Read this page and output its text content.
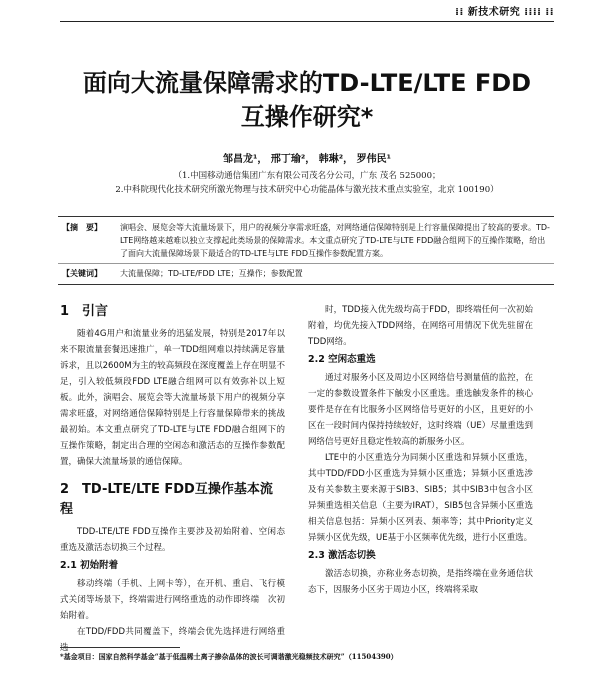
⁞⁞ 新技术研究 ⁞⁞⁞⁞ ⁞⁞
面向大流量保障需求的TD-LTE/LTE FDD
互操作研究*
邹昌龙¹， 邢丁瑜²， 韩琳²， 罗伟民¹
（1.中国移动通信集团广东有限公司茂名分公司，广东 茂名 525000；
2.中科院现代化技术研究所激光物理与技术研究中心功能晶体与激光技术重点实验室，北京 100190）
【摘　要】	演唱会、展览会等大流量场景下，用户的视频分享需求旺盛，对网络通信保障特别是上行容量保障提出了较高的要求。TD-LTE网络越来越难以独立支撑起此类场景的保障需求。本文重点研究了TD-LTE与LTE FDD融合组网下的互操作策略，给出了面向大流量保障场景下最适合的TD-LTE与LTE FDD互操作参数配置方案。
【关键词】	大流量保障；TD-LTE/FDD LTE；互操作；参数配置
1　引言

随着4G用户和流量业务的迅猛发展，特别是2017年以来不限流量套餐迅速推广，单一TDD组网难以持续满足容量诉求，且以2600M为主的较高频段在深度覆盖上存在明显不足，引入较低频段FDD LTE融合组网可以有效弥补以上短板。此外，演唱会、展览会等大流量场景下用户的视频分享需求旺盛，对网络通信保障特别是上行容量保障带来的挑战最初始。本文重点研究了TD-LTE与LTE FDD融合组网下的互操作策略，制定出合理的空闲态和激活态的互操作参数配置，确保大流量场景的通信保障。

2　TD-LTE/LTE FDD互操作基本流程

TDD-LTE/LTE FDD互操作主要涉及初始附着、空闲态重选及激活态切换三个过程。

2.1 初始附着

移动终端（手机、上网卡等），在开机、重启、飞行模式关闭等场景下，终端需进行网络重选的动作即终端　次初始附着。

在TDD/FDD共同覆盖下，终端会优先选择进行网络重选

时，TDD接入优先级均高于FDD，即终端任何一次初始附着，均优先接入TDD网络，在网络可用情况下优先驻留在TDD网络。

2.2 空闲态重选

通过对服务小区及周边小区网络信号测量值的监控，在一定的参数设置条件下触发小区重选。重选触发条件的核心要件是存在有比服务小区网络信号更好的小区，且更好的小区在一段时间内保持持续较好，这时终端（UE）尽量重选到网络信号更好且稳定性较高的新服务小区。

LTE中的小区重选分为同频小区重选和异频小区重选，其中TDD/FDD小区重选为异频小区重选；异频小区重选涉及有关参数主要来源于SIB3、SIB5；其中SIB3中包含小区异频重选相关信息（主要为IRAT），SIB5包含异频小区重选相关信息包括：异频小区列表、频率等；其中Priority定义异频小区优先级，UE基于小区频率优先级，进行小区重选。

2.3 激活态切换

激活态切换，亦称业务态切换，是指终端在业务通信状态下，因服务小区劣于周边小区，终端将采取

*基金项目：国家自然科学基金“基于低温稀土离子掺杂晶体的波长可调谐激光稳频技术研究”（11504390）
